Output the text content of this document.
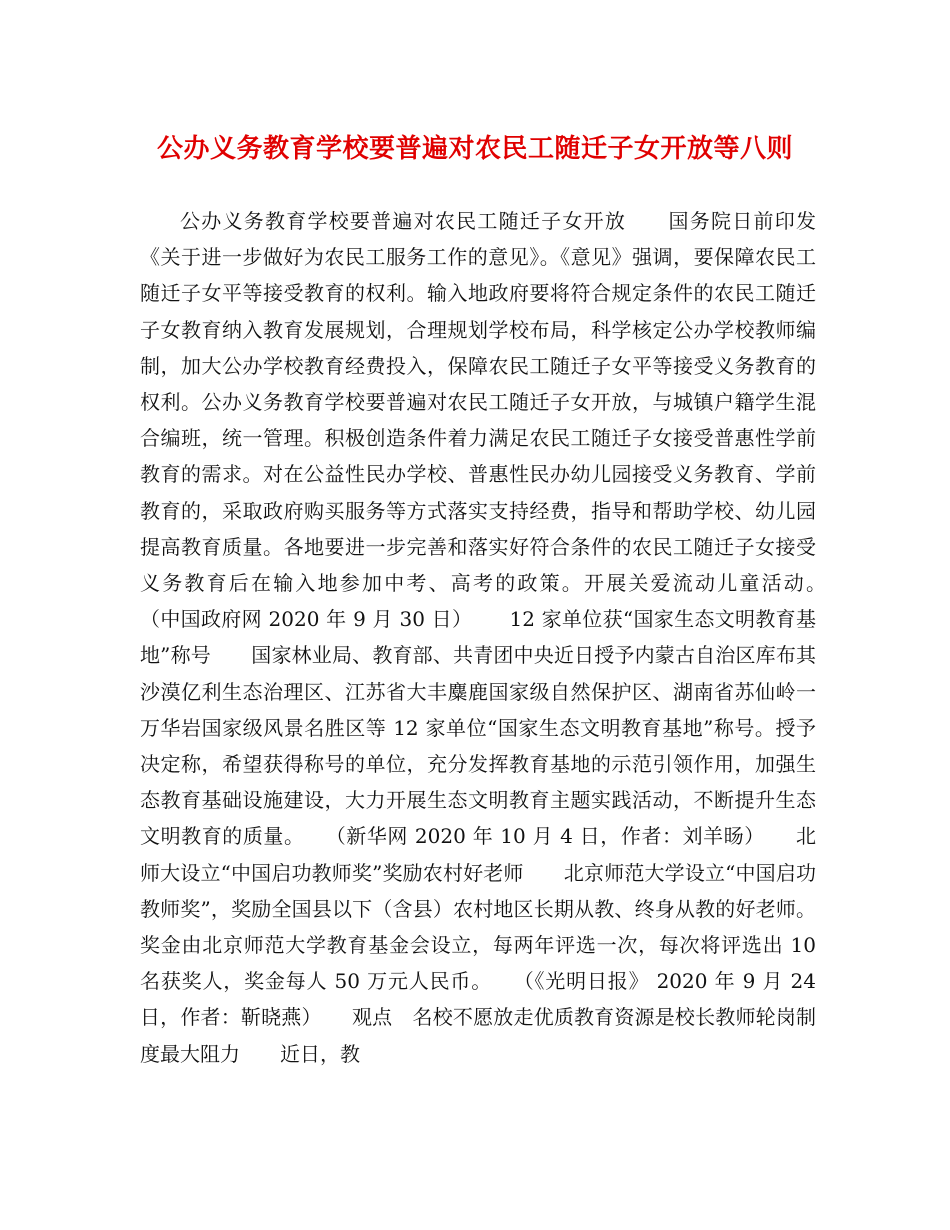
公办义务教育学校要普遍对农民工随迁子女开放等八则

公办义务教育学校要普遍对农民工随迁子女开放　　国务院日前印发《关于进一步做好为农民工服务工作的意见》。《意见》强调，要保障农民工随迁子女平等接受教育的权利。输入地政府要将符合规定条件的农民工随迁子女教育纳入教育发展规划，合理规划学校布局，科学核定公办学校教师编制，加大公办学校教育经费投入，保障农民工随迁子女平等接受义务教育的权利。公办义务教育学校要普遍对农民工随迁子女开放，与城镇户籍学生混合编班，统一管理。积极创造条件着力满足农民工随迁子女接受普惠性学前教育的需求。对在公益性民办学校、普惠性民办幼儿园接受义务教育、学前教育的，采取政府购买服务等方式落实支持经费，指导和帮助学校、幼儿园提高教育质量。各地要进一步完善和落实好符合条件的农民工随迁子女接受义务教育后在输入地参加中考、高考的政策。开展关爱流动儿童活动。　　（中国政府网 2020 年 9 月 30 日）　　 12 家单位获“国家生态文明教育基地”称号　　国家林业局、教育部、共青团中央近日授予内蒙古自治区库布其沙漠亿利生态治理区、江苏省大丰麋鹿国家级自然保护区、湖南省苏仙岭一万华岩国家级风景名胜区等 12 家单位“国家生态文明教育基地”称号。授予决定称，希望获得称号的单位，充分发挥教育基地的示范引领作用，加强生态教育基础设施建设，大力开展生态文明教育主题实践活动，不断提升生态文明教育的质量。　　（新华网 2020 年 10 月 4 日，作者：刘羊旸）　　北师大设立“中国启功教师奖”奖励农村好老师　　北京师范大学设立“中国启功教师奖”，奖励全国县以下（含县）农村地区长期从教、终身从教的好老师。奖金由北京师范大学教育基金会设立，每两年评选一次，每次将评选出 10 名获奖人，奖金每人 50 万元人民币。　　（《光明日报》 2020 年 9 月 24 日，作者：靳晓燕）　　观点　名校不愿放走优质教育资源是校长教师轮岗制度最大阻力　　近日，教
